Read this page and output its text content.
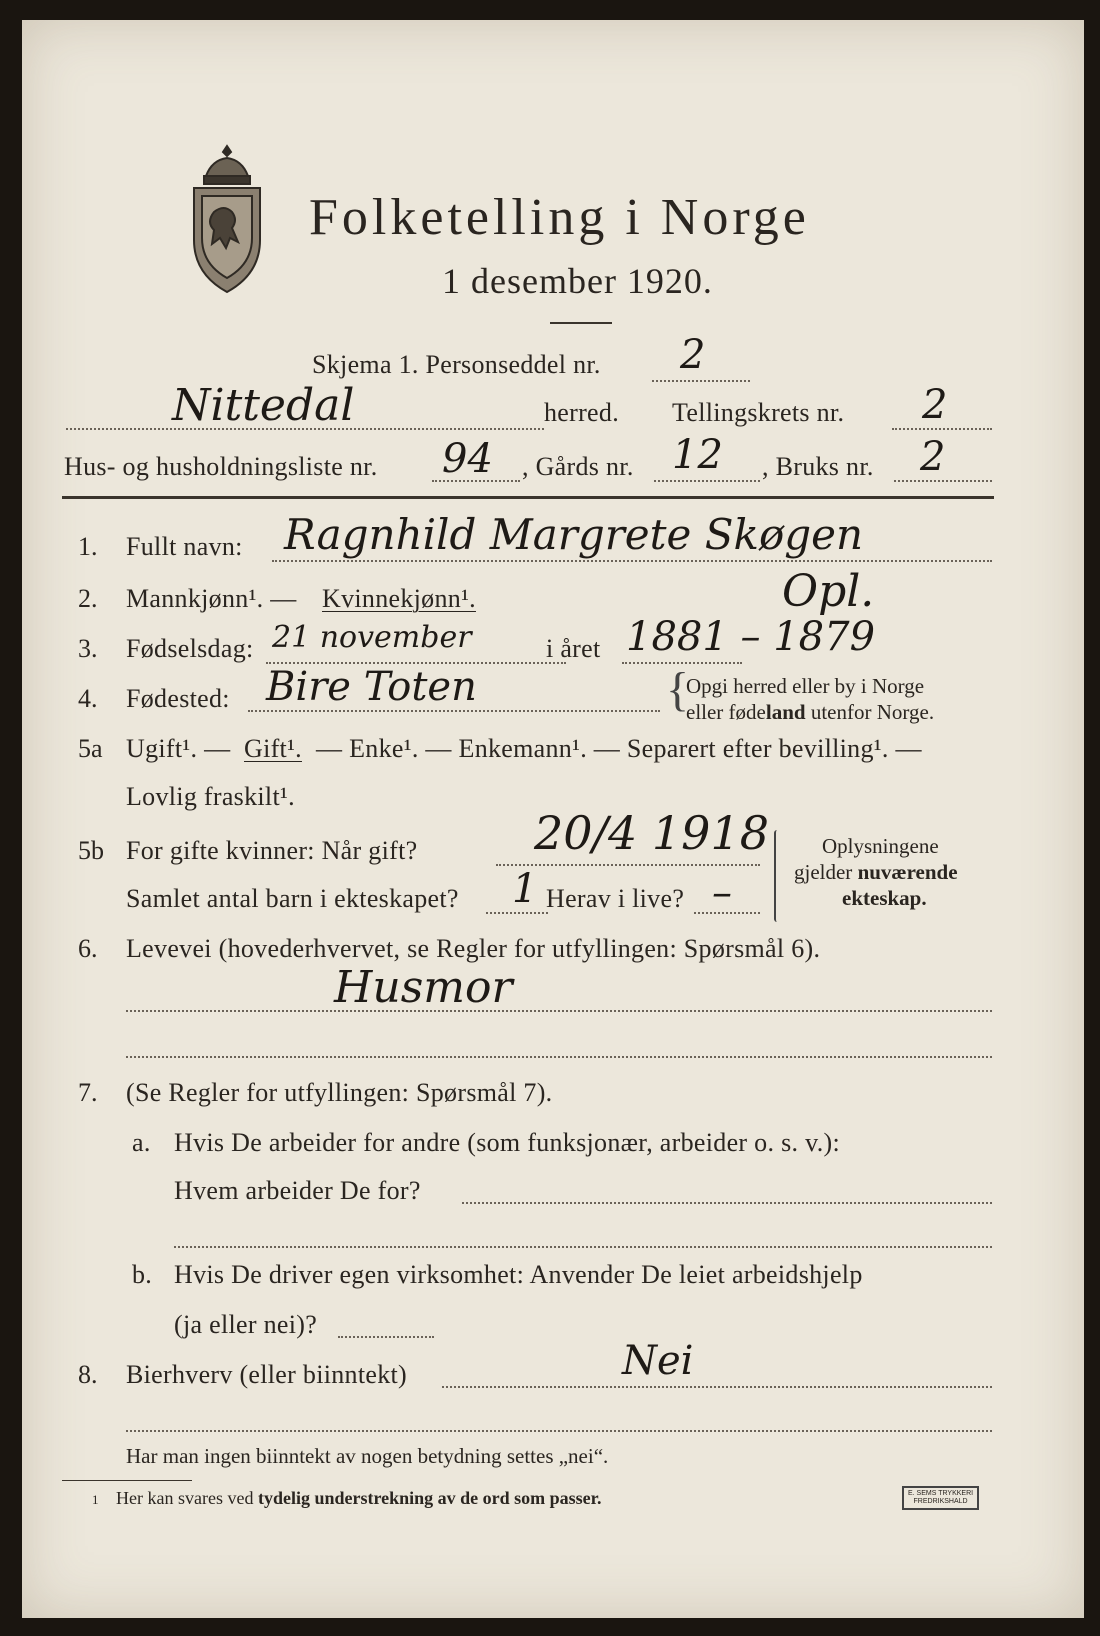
Folketelling i Norge
1 desember 1920.
Skjema 1. Personseddel nr. 2
Nittedal	herred. Tellingskrets nr. 2
Hus- og husholdningsliste nr. 94 , Gårds nr. 12 , Bruks nr. 2
1. Fullt navn: Ragnhild Margrete Skøgen
2. Mannkjønn¹. — Kvinnekjønn¹.	Opl.
3. Fødselsdag: 21 november	i året 1881 – 1879
4. Fødested: Bire Toten	{
Opgi herred eller by i Norge
eller fødeland utenfor Norge.
5a Ugift¹. — Gift¹. — Enke¹. — Enkemann¹. — Separert efter bevilling¹. —
Lovlig fraskilt¹.
5b For gifte kvinner: Når gift?	20/4 1918
Samlet antal barn i ekteskapet? 1 Herav i live? –
Oplysningene
gjelder nuværende
ekteskap.
6. Levevei (hovederhvervet, se Regler for utfyllingen: Spørsmål 6).
Husmor
7. (Se Regler for utfyllingen: Spørsmål 7).
a. Hvis De arbeider for andre (som funksjonær, arbeider o. s. v.):
Hvem arbeider De for?
b. Hvis De driver egen virksomhet: Anvender De leiet arbeidshjelp
(ja eller nei)?
8. Bierhverv (eller biinntekt)	Nei
Har man ingen biinntekt av nogen betydning settes „nei“.
1 Her kan svares ved tydelig understrekning av de ord som passer.	E. SEMS TRYKKERI
FREDRIKSHALD
